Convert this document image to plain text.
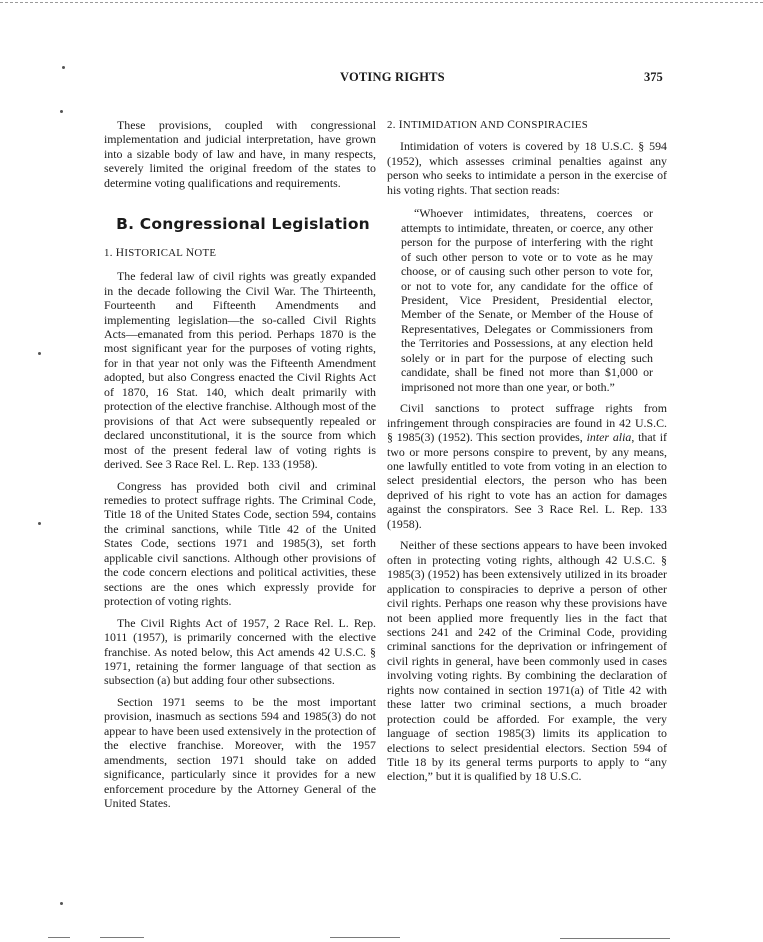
VOTING RIGHTS	375

These provisions, coupled with congressional implementation and judicial interpretation, have grown into a sizable body of law and have, in many respects, severely limited the original freedom of the states to determine voting qualifications and requirements.

B. Congressional Legislation
1. HISTORICAL NOTE

The federal law of civil rights was greatly expanded in the decade following the Civil War. The Thirteenth, Fourteenth and Fifteenth Amendments and implementing legislation—the so-called Civil Rights Acts—emanated from this period. Perhaps 1870 is the most significant year for the purposes of voting rights, for in that year not only was the Fifteenth Amendment adopted, but also Congress enacted the Civil Rights Act of 1870, 16 Stat. 140, which dealt primarily with protection of the elective franchise. Although most of the provisions of that Act were subsequently repealed or declared unconstitutional, it is the source from which most of the present federal law of voting rights is derived. See 3 Race Rel. L. Rep. 133 (1958).

Congress has provided both civil and criminal remedies to protect suffrage rights. The Criminal Code, Title 18 of the United States Code, section 594, contains the criminal sanctions, while Title 42 of the United States Code, sections 1971 and 1985(3), set forth applicable civil sanctions. Although other provisions of the code concern elections and political activities, these sections are the ones which expressly provide for protection of voting rights.

The Civil Rights Act of 1957, 2 Race Rel. L. Rep. 1011 (1957), is primarily concerned with the elective franchise. As noted below, this Act amends 42 U.S.C. § 1971, retaining the former language of that section as subsection (a) but adding four other subsections.

Section 1971 seems to be the most important provision, inasmuch as sections 594 and 1985(3) do not appear to have been used extensively in the protection of the elective franchise. Moreover, with the 1957 amendments, section 1971 should take on added significance, particularly since it provides for a new enforcement procedure by the Attorney General of the United States.

2. INTIMIDATION AND CONSPIRACIES

Intimidation of voters is covered by 18 U.S.C. § 594 (1952), which assesses criminal penalties against any person who seeks to intimidate a person in the exercise of his voting rights. That section reads:

“Whoever intimidates, threatens, coerces or attempts to intimidate, threaten, or coerce, any other person for the purpose of interfering with the right of such other person to vote or to vote as he may choose, or of causing such other person to vote for, or not to vote for, any candidate for the office of President, Vice President, Presidential elector, Member of the Senate, or Member of the House of Representatives, Delegates or Commissioners from the Territories and Possessions, at any election held solely or in part for the purpose of electing such candidate, shall be fined not more than $1,000 or imprisoned not more than one year, or both.”

Civil sanctions to protect suffrage rights from infringement through conspiracies are found in 42 U.S.C. § 1985(3) (1952). This section provides, inter alia, that if two or more persons conspire to prevent, by any means, one lawfully entitled to vote from voting in an election to select presidential electors, the person who has been deprived of his right to vote has an action for damages against the conspirators. See 3 Race Rel. L. Rep. 133 (1958).

Neither of these sections appears to have been invoked often in protecting voting rights, although 42 U.S.C. § 1985(3) (1952) has been extensively utilized in its broader application to conspiracies to deprive a person of other civil rights. Perhaps one reason why these provisions have not been applied more frequently lies in the fact that sections 241 and 242 of the Criminal Code, providing criminal sanctions for the deprivation or infringement of civil rights in general, have been commonly used in cases involving voting rights. By combining the declaration of rights now contained in section 1971(a) of Title 42 with these latter two criminal sections, a much broader protection could be afforded. For example, the very language of section 1985(3) limits its application to elections to select presidential electors. Section 594 of Title 18 by its general terms purports to apply to “any election,” but it is qualified by 18 U.S.C.
